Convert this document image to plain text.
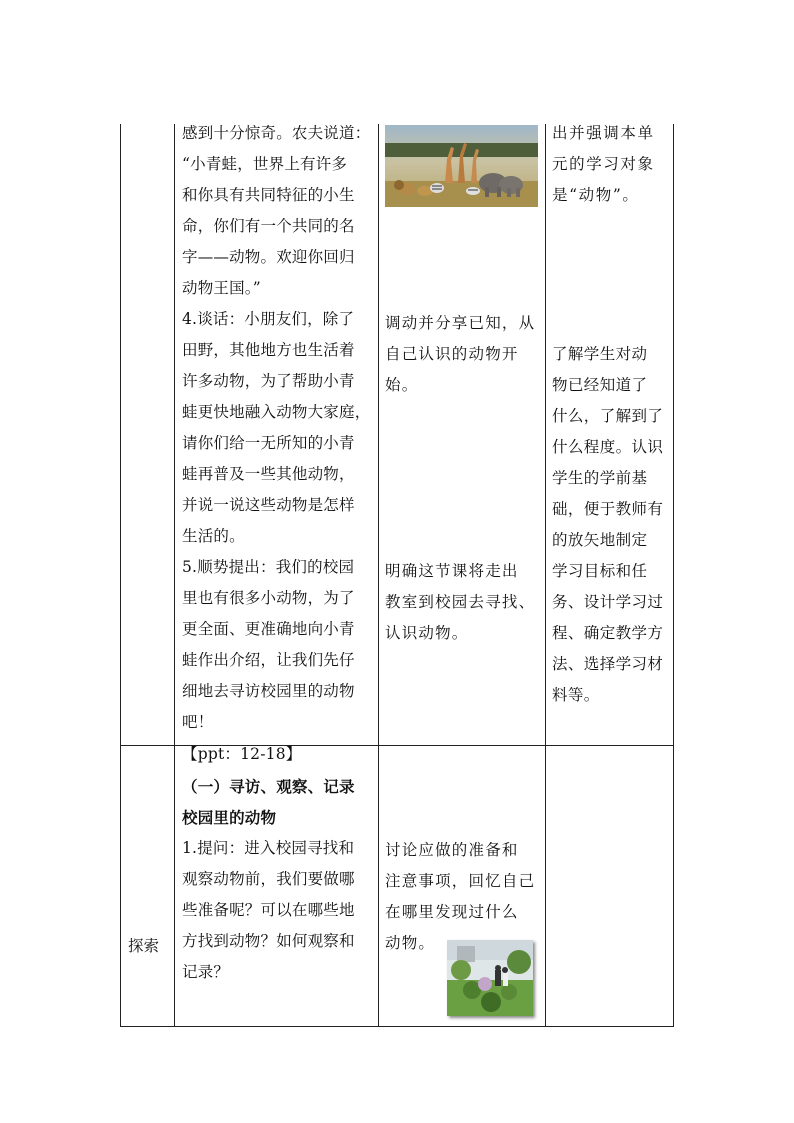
感到十分惊奇。农夫说道：
“小青蛙，世界上有许多
和你具有共同特征的小生
命，你们有一个共同的名
字——动物。欢迎你回归
动物王国。”
4.谈话：小朋友们，除了
田野，其他地方也生活着
许多动物，为了帮助小青
蛙更快地融入动物大家庭，
请你们给一无所知的小青
蛙再普及一些其他动物，
并说一说这些动物是怎样
生活的。
5.顺势提出：我们的校园
里也有很多小动物，为了
更全面、更准确地向小青
蛙作出介绍，让我们先仔
细地去寻访校园里的动物
吧！
调动并分享已知，从
自己认识的动物开
始。
明确这节课将走出
教室到校园去寻找、
认识动物。
出并强调本单
元的学习对象
是“动物”。
了解学生对动
物已经知道了
什么，了解到了
什么程度。认识
学生的学前基
础，便于教师有
的放矢地制定
学习目标和任
务、设计学习过
程、确定教学方
法、选择学习材
料等。
探索
【ppt：12-18】
（一）寻访、观察、记录
校园里的动物
1.提问：进入校园寻找和
观察动物前，我们要做哪
些准备呢？可以在哪些地
方找到动物？如何观察和
记录？
讨论应做的准备和
注意事项，回忆自己
在哪里发现过什么
动物。
